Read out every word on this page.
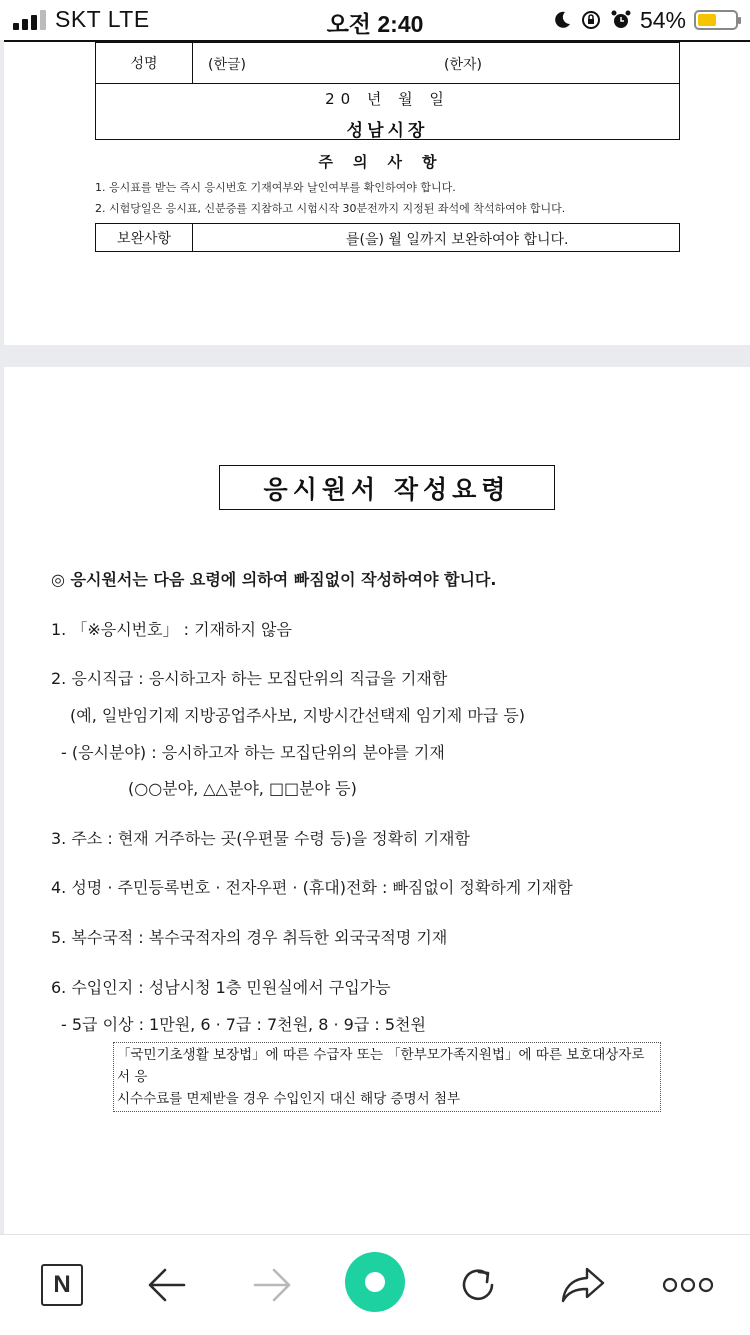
SKT LTE	오전 2:40	54%
성명	(한글)	(한자)
20 년 월 일
성남시장
주의사항
1. 응시표를 받는 즉시 응시번호 기재여부와 날인여부를 확인하여야 합니다.
2. 시험당일은 응시표, 신분증를 지참하고 시험시작 30분전까지 지정된 좌석에 착석하여야 합니다.
보완사항	를(을) 월 일까지 보완하여야 합니다.
응시원서 작성요령
◎ 응시원서는 다음 요령에 의하여 빠짐없이 작성하여야 합니다.
1. 「※응시번호」 : 기재하지 않음
2. 응시직급 : 응시하고자 하는 모집단위의 직급을 기재함
(예, 일반임기제 지방공업주사보, 지방시간선택제 임기제 마급 등)
- (응시분야) : 응시하고자 하는 모집단위의 분야를 기재
(○○분야, △△분야, □□분야 등)
3. 주소 : 현재 거주하는 곳(우편물 수령 등)을 정확히 기재함
4. 성명 · 주민등록번호 · 전자우편 · (휴대)전화 : 빠짐없이 정확하게 기재함
5. 복수국적 : 복수국적자의 경우 취득한 외국국적명 기재
6. 수입인지 : 성남시청 1층 민원실에서 구입가능
- 5급 이상 : 1만원, 6 · 7급 : 7천원, 8 · 9급 : 5천원
「국민기초생활 보장법」에 따른 수급자 또는 「한부모가족지원법」에 따른 보호대상자로서 응
시수수료를 면제받을 경우 수입인지 대신 해당 증명서 첨부
N
